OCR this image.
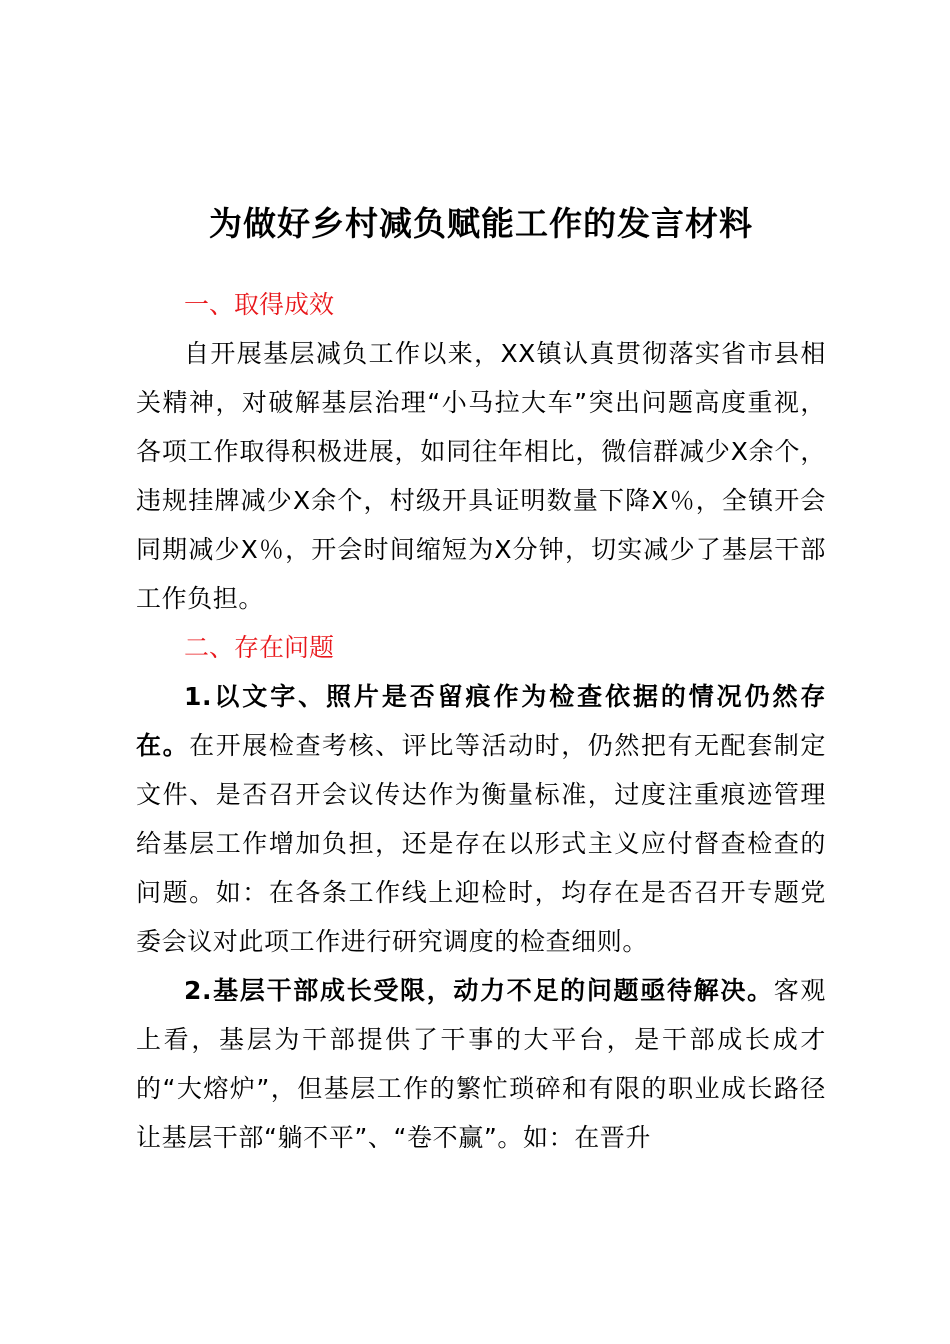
为做好乡村减负赋能工作的发言材料

一、取得成效

自开展基层减负工作以来，XX镇认真贯彻落实省市县相关精神，对破解基层治理“小马拉大车”突出问题高度重视，各项工作取得积极进展，如同往年相比，微信群减少X余个，违规挂牌减少X余个，村级开具证明数量下降X％，全镇开会同期减少X％，开会时间缩短为X分钟，切实减少了基层干部工作负担。

二、存在问题

1.以文字、照片是否留痕作为检查依据的情况仍然存在。在开展检查考核、评比等活动时，仍然把有无配套制定文件、是否召开会议传达作为衡量标准，过度注重痕迹管理给基层工作增加负担，还是存在以形式主义应付督查检查的问题。如：在各条工作线上迎检时，均存在是否召开专题党委会议对此项工作进行研究调度的检查细则。

2.基层干部成长受限，动力不足的问题亟待解决。客观上看，基层为干部提供了干事的大平台，是干部成长成才的“大熔炉”，但基层工作的繁忙琐碎和有限的职业成长路径让基层干部“躺不平”、“卷不赢”。如：在晋升
